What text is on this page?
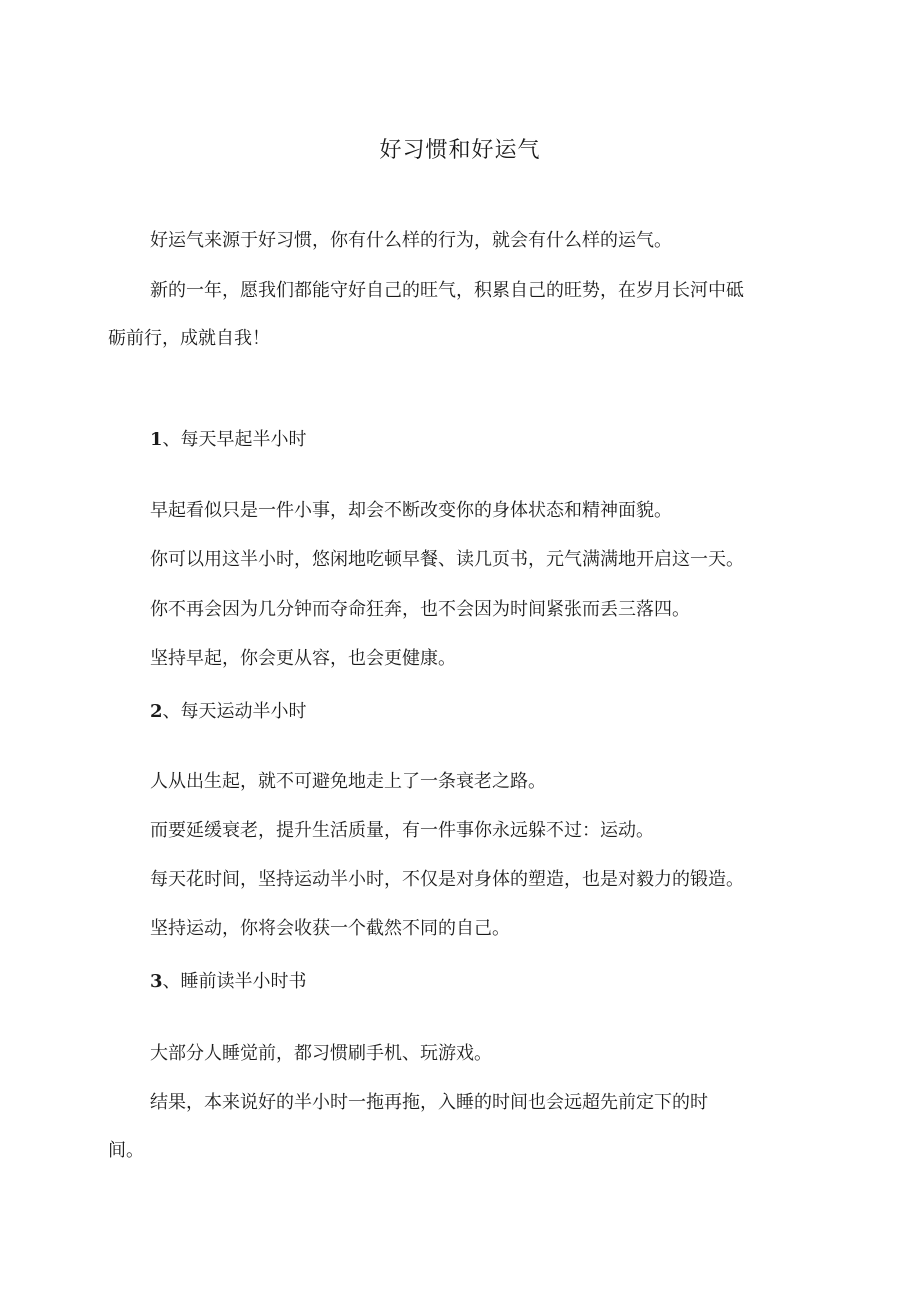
好习惯和好运气
好运气来源于好习惯，你有什么样的行为，就会有什么样的运气。
新的一年，愿我们都能守好自己的旺气，积累自己的旺势，在岁月长河中砥
砺前行，成就自我！
1、每天早起半小时
早起看似只是一件小事，却会不断改变你的身体状态和精神面貌。
你可以用这半小时，悠闲地吃顿早餐、读几页书，元气满满地开启这一天。
你不再会因为几分钟而夺命狂奔，也不会因为时间紧张而丢三落四。
坚持早起，你会更从容，也会更健康。
2、每天运动半小时
人从出生起，就不可避免地走上了一条衰老之路。
而要延缓衰老，提升生活质量，有一件事你永远躲不过：运动。
每天花时间，坚持运动半小时，不仅是对身体的塑造，也是对毅力的锻造。
坚持运动，你将会收获一个截然不同的自己。
3、睡前读半小时书
大部分人睡觉前，都习惯刷手机、玩游戏。
结果，本来说好的半小时一拖再拖，入睡的时间也会远超先前定下的时
间。
